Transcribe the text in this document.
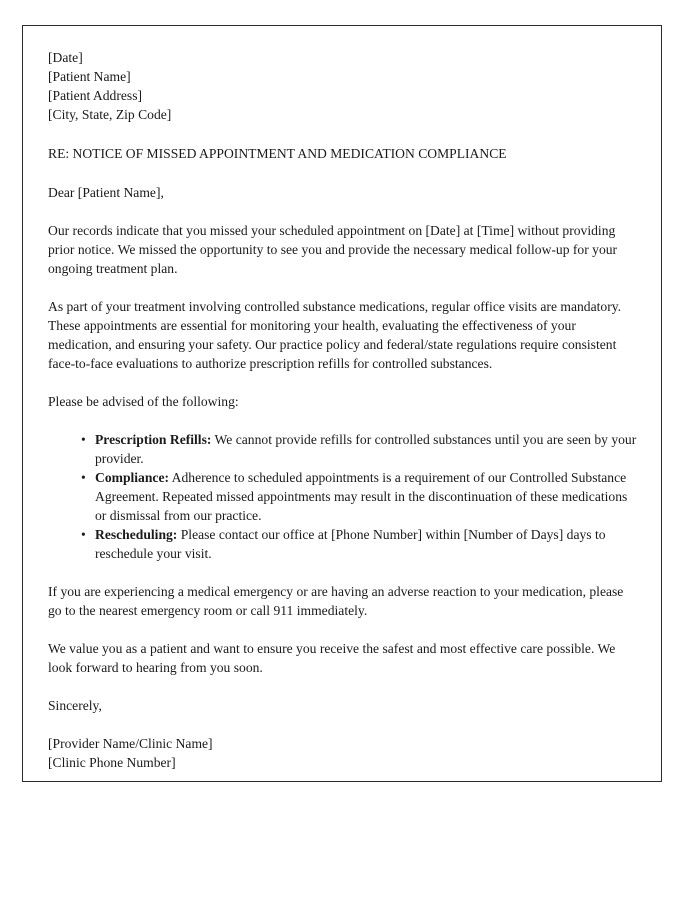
[Date]
[Patient Name]
[Patient Address]
[City, State, Zip Code]
RE: NOTICE OF MISSED APPOINTMENT AND MEDICATION COMPLIANCE
Dear [Patient Name],

Our records indicate that you missed your scheduled appointment on [Date] at [Time] without providing prior notice. We missed the opportunity to see you and provide the necessary medical follow-up for your ongoing treatment plan.

As part of your treatment involving controlled substance medications, regular office visits are mandatory. These appointments are essential for monitoring your health, evaluating the effectiveness of your medication, and ensuring your safety. Our practice policy and federal/state regulations require consistent face-to-face evaluations to authorize prescription refills for controlled substances.

Please be advised of the following:

• Prescription Refills: We cannot provide refills for controlled substances until you are seen by your provider.
• Compliance: Adherence to scheduled appointments is a requirement of our Controlled Substance Agreement. Repeated missed appointments may result in the discontinuation of these medications or dismissal from our practice.
• Rescheduling: Please contact our office at [Phone Number] within [Number of Days] days to reschedule your visit.

If you are experiencing a medical emergency or are having an adverse reaction to your medication, please go to the nearest emergency room or call 911 immediately.

We value you as a patient and want to ensure you receive the safest and most effective care possible. We look forward to hearing from you soon.

Sincerely,
[Provider Name/Clinic Name]
[Clinic Phone Number]
